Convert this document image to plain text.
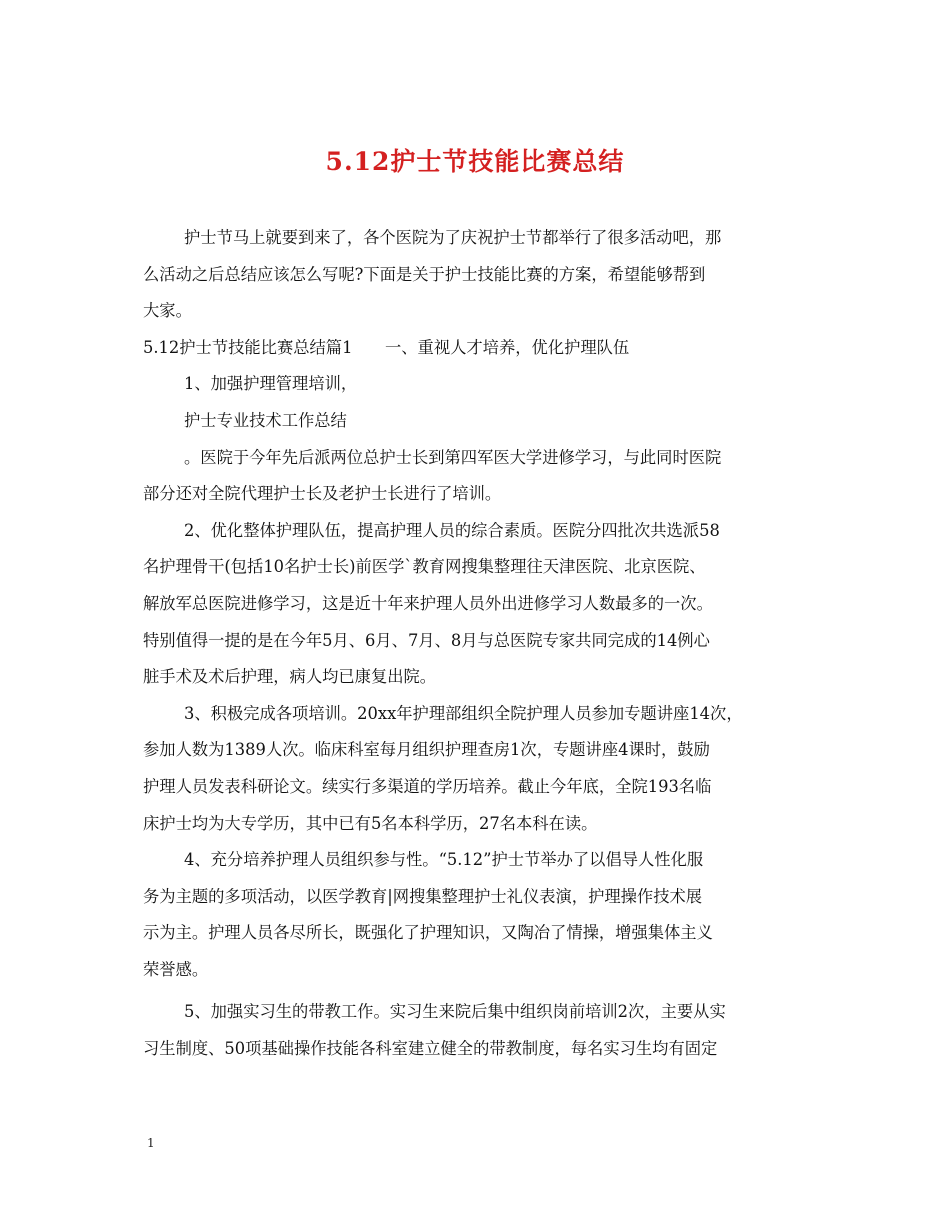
5.12护士节技能比赛总结
护士节马上就要到来了，各个医院为了庆祝护士节都举行了很多活动吧，那
么活动之后总结应该怎么写呢?下面是关于护士技能比赛的方案，希望能够帮到
大家。
5.12护士节技能比赛总结篇1　　一、重视人才培养，优化护理队伍
1、加强护理管理培训，
护士专业技术工作总结
。医院于今年先后派两位总护士长到第四军医大学进修学习，与此同时医院
部分还对全院代理护士长及老护士长进行了培训。
2、优化整体护理队伍，提高护理人员的综合素质。医院分四批次共选派58
名护理骨干(包括10名护士长)前医学`教育网搜集整理往天津医院、北京医院、
解放军总医院进修学习，这是近十年来护理人员外出进修学习人数最多的一次。
特别值得一提的是在今年5月、6月、7月、8月与总医院专家共同完成的14例心
脏手术及术后护理，病人均已康复出院。
3、积极完成各项培训。20xx年护理部组织全院护理人员参加专题讲座14次，
参加人数为1389人次。临床科室每月组织护理查房1次，专题讲座4课时，鼓励
护理人员发表科研论文。续实行多渠道的学历培养。截止今年底，全院193名临
床护士均为大专学历，其中已有5名本科学历，27名本科在读。
4、充分培养护理人员组织参与性。“5.12”护士节举办了以倡导人性化服
务为主题的多项活动，以医学教育|网搜集整理护士礼仪表演，护理操作技术展
示为主。护理人员各尽所长，既强化了护理知识，又陶冶了情操，增强集体主义
荣誉感。
5、加强实习生的带教工作。实习生来院后集中组织岗前培训2次，主要从实
习生制度、50项基础操作技能各科室建立健全的带教制度，每名实习生均有固定
1
